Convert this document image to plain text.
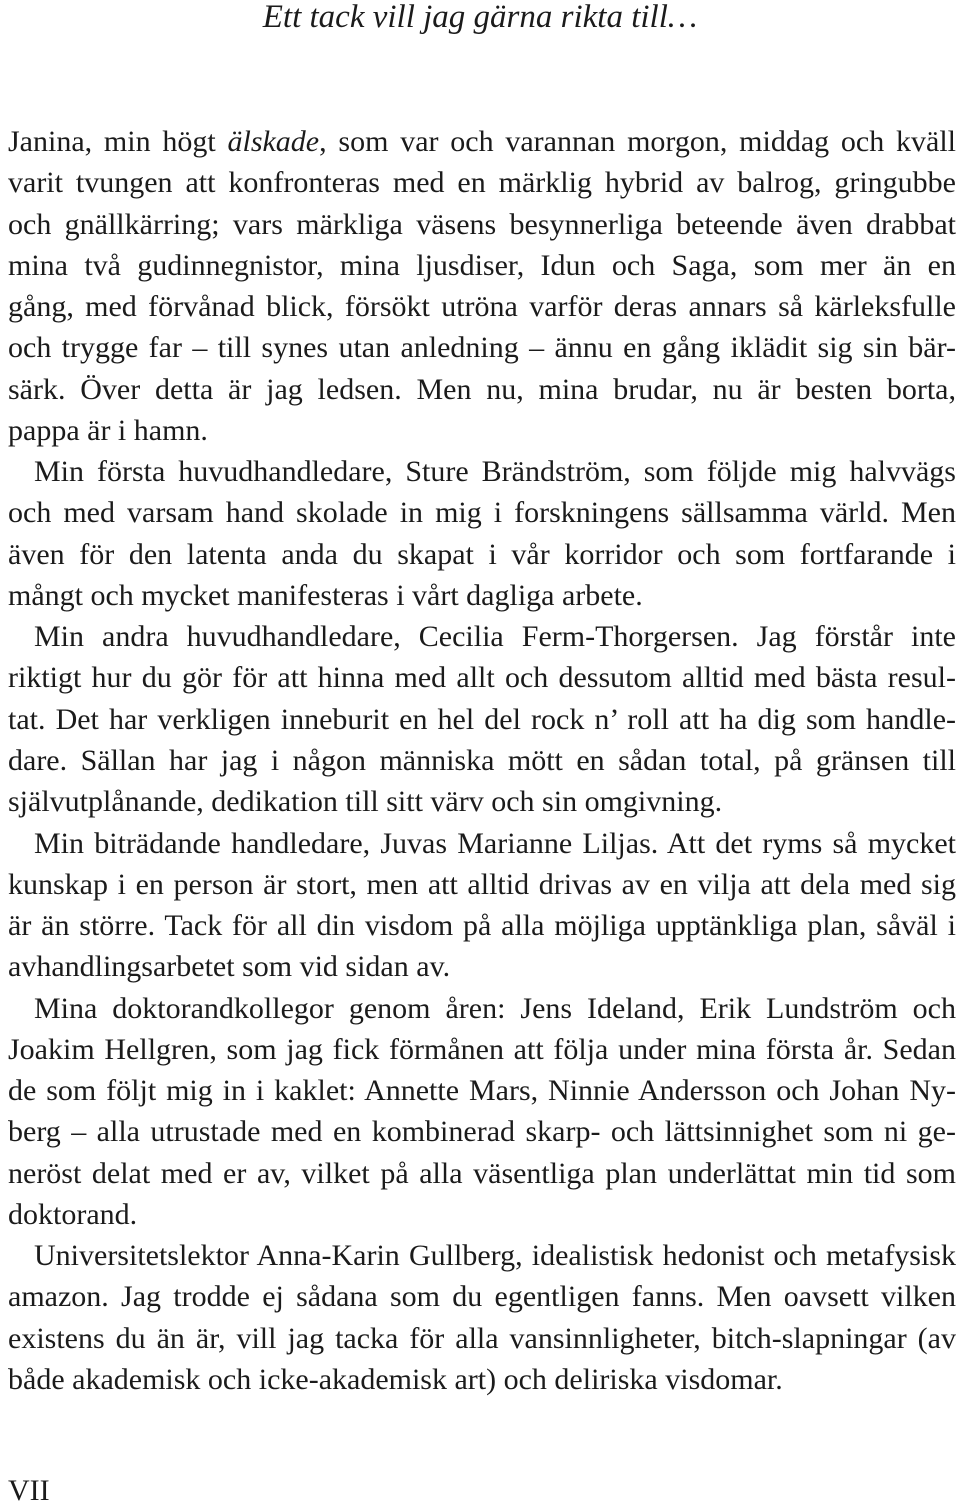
Ett tack vill jag gärna rikta till…
Janina, min högt älskade, som var och varannan morgon, middag och kväll
varit tvungen att konfronteras med en märklig hybrid av balrog, gringubbe
och gnällkärring; vars märkliga väsens besynnerliga beteende även drabbat
mina två gudinnegnistor, mina ljusdiser, Idun och Saga, som mer än en
gång, med förvånad blick, försökt utröna varför deras annars så kärleksfulle
och trygge far – till synes utan anledning – ännu en gång iklädit sig sin bär-
särk. Över detta är jag ledsen. Men nu, mina brudar, nu är besten borta,
pappa är i hamn.
Min första huvudhandledare, Sture Brändström, som följde mig halvvägs
och med varsam hand skolade in mig i forskningens sällsamma värld. Men
även för den latenta anda du skapat i vår korridor och som fortfarande i
mångt och mycket manifesteras i vårt dagliga arbete.
Min andra huvudhandledare, Cecilia Ferm-Thorgersen. Jag förstår inte
riktigt hur du gör för att hinna med allt och dessutom alltid med bästa resul-
tat. Det har verkligen inneburit en hel del rock n’ roll att ha dig som handle-
dare. Sällan har jag i någon människa mött en sådan total, på gränsen till
självutplånande, dedikation till sitt värv och sin omgivning.
Min biträdande handledare, Juvas Marianne Liljas. Att det ryms så mycket
kunskap i en person är stort, men att alltid drivas av en vilja att dela med sig
är än större. Tack för all din visdom på alla möjliga upptänkliga plan, såväl i
avhandlingsarbetet som vid sidan av.
Mina doktorandkollegor genom åren: Jens Ideland, Erik Lundström och
Joakim Hellgren, som jag fick förmånen att följa under mina första år. Sedan
de som följt mig in i kaklet: Annette Mars, Ninnie Andersson och Johan Ny-
berg – alla utrustade med en kombinerad skarp- och lättsinnighet som ni ge-
neröst delat med er av, vilket på alla väsentliga plan underlättat min tid som
doktorand.
Universitetslektor Anna-Karin Gullberg, idealistisk hedonist och metafysisk
amazon. Jag trodde ej sådana som du egentligen fanns. Men oavsett vilken
existens du än är, vill jag tacka för alla vansinnligheter, bitch-slapningar (av
både akademisk och icke-akademisk art) och deliriska visdomar.
VII
